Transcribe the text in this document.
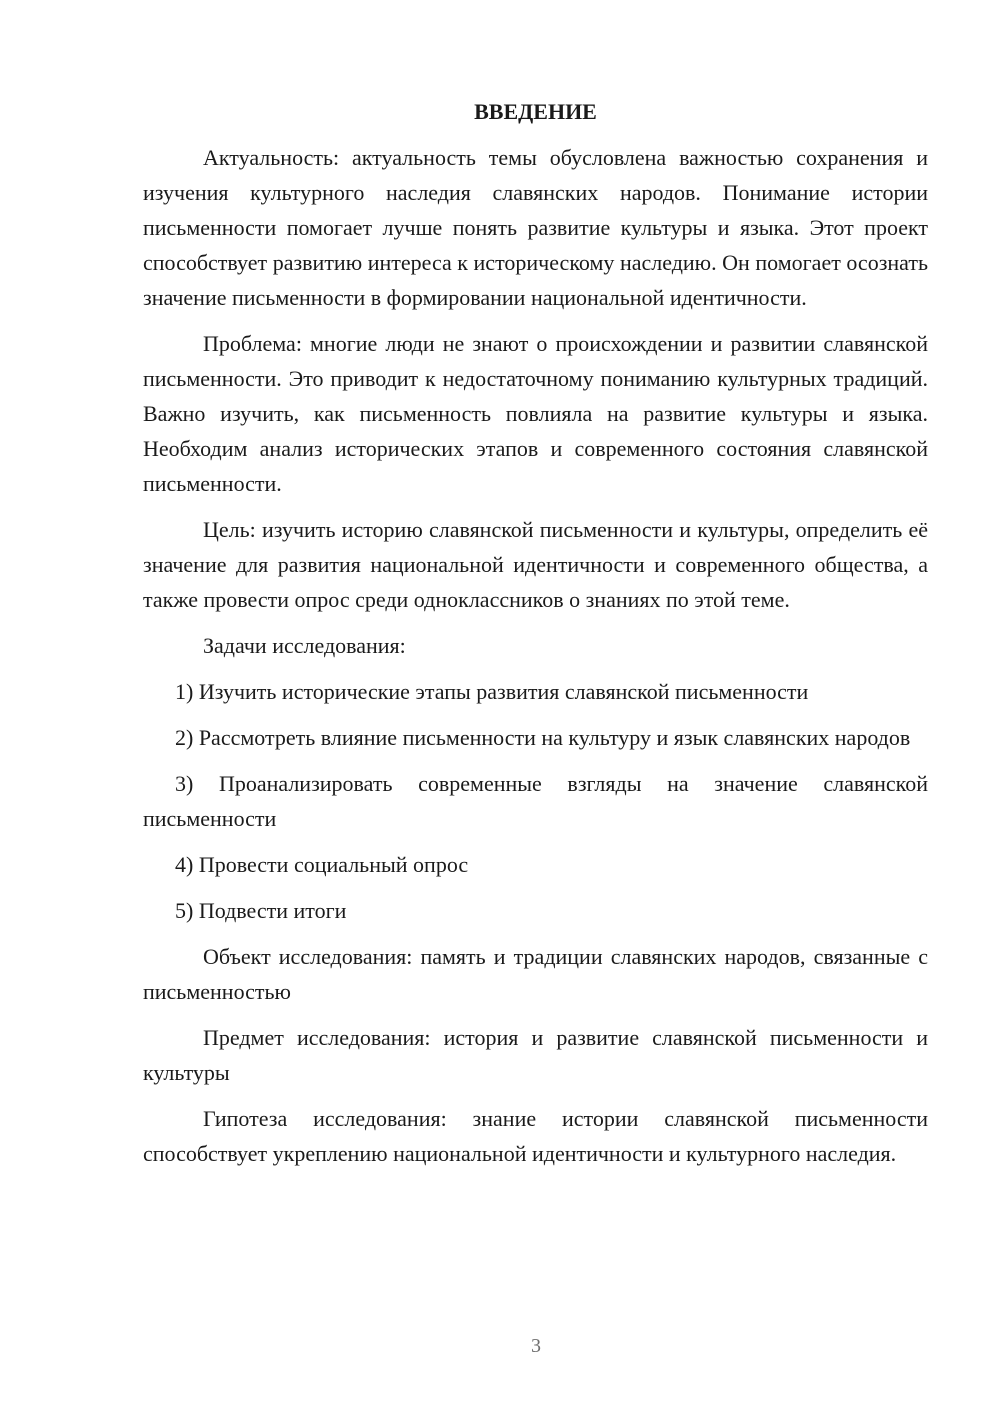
ВВЕДЕНИЕ

Актуальность: актуальность темы обусловлена важностью сохранения и изучения культурного наследия славянских народов. Понимание истории письменности помогает лучше понять развитие культуры и языка. Этот проект способствует развитию интереса к историческому наследию. Он помогает осознать значение письменности в формировании национальной идентичности.

Проблема: многие люди не знают о происхождении и развитии славянской письменности. Это приводит к недостаточному пониманию культурных традиций. Важно изучить, как письменность повлияла на развитие культуры и языка. Необходим анализ исторических этапов и современного состояния славянской письменности.

Цель: изучить историю славянской письменности и культуры, определить её значение для развития национальной идентичности и современного общества, а также провести опрос среди одноклассников о знаниях по этой теме.

Задачи исследования:

1) Изучить исторические этапы развития славянской письменности

2) Рассмотреть влияние письменности на культуру и язык славянских народов

3) Проанализировать современные взгляды на значение славянской письменности

4) Провести социальный опрос

5) Подвести итоги

Объект исследования: память и традиции славянских народов, связанные с письменностью

Предмет исследования: история и развитие славянской письменности и культуры

Гипотеза исследования: знание истории славянской письменности способствует укреплению национальной идентичности и культурного наследия.

3
